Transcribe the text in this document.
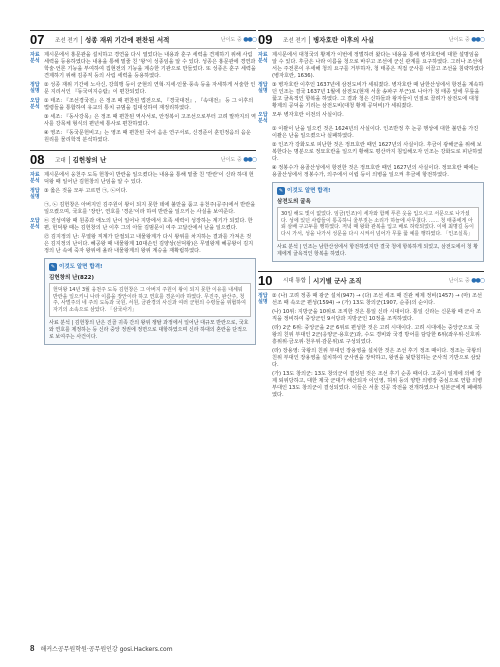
07	조선 전기	성종 재위 기간에 편찬된 서적	난이도 중 ●●○
자료 분석
제시문에서 홍문관을 설치하고 경연을 다시 열었다는 내용과 훈구 세력을 견제하기 위해 사림 세력을 등용하였다는 내용을 통해 밑줄 친 '왕'이 성종임을 알 수 있다. 성종은 홍문관에 경연과 학술·언론 기능을 부여하여 집현전의 기능을 계승한 기관으로 만들었다. 또 성종은 훈구 세력을 견제하기 위해 김종직 등의 사림 세력을 등용하였다.
정답 설명
② 성종 재위 기간에 노사신, 강희맹 등이 군현의 연혁·지세·인물·풍속 등을 자세하게 서술한 인문 지리서인 『동국여지승람』이 편찬되었다.
오답 분석
① 태조: 『조선경국전』은 정조 때 편찬된 법전으로, 『경국대전』, 『속대전』 등 그 이후의 법령들을 통합하여 유교의 통치 규범을 집대성하여 재정리하였다.
③ 세조: 『동사강목』은 정조 때 편찬된 역사서로, 안정복이 고조선으로부터 고려 말까지의 역사를 강목체 형식의 편년체 통사로 편찬하였다.
④ 영조: 『동국문헌비고』는 영조 때 편찬된 국어 음운 연구서로, 신경준이 훈민정음의 음운 원리를 물리학적 분석하였다.
08	고대	김헌창의 난	난이도 중 ●●○
자료 분석
제시문에서 웅천주 도독 헌창이 반란을 일으켰다는 내용을 통해 밑줄 친 '반란'이 신라 하대 헌덕왕 때 일어난 김헌창의 난임을 알 수 있다.
정답 설명
③ 옳은 것을 모두 고르면 ㉠, ㉡이다.
㉠, ㉡ 김헌창은 아버지인 김주원이 왕이 되지 못한 데에 불만을 품고 웅천주(공주)에서 반란을 일으켰으며, 국호를 '장안', 연호를 '경운'이라 하여 반란을 일으키는 사실을 보여준다.
오답 분석
㉢ 진성여왕 때 원종과 애노의 난이 일어나 지방에서 호족 세력이 성장하는 계기가 되었다. 한편, 헌덕왕 때는 김헌창의 난 이후 그의 아들 김범문이 여주 고달산에서 난을 일으켰다.
㉣ 김지정의 난: 무열왕 직계가 단절되고 내물왕계가 다시 왕위를 차지하는 결과를 가져온 것은 김지정의 난이다. 혜공왕 때 내물왕계 10대손인 김양상(선덕왕)은 무열왕계 혜공왕이 김지정의 난 속에 죽자 왕위에 올라 내물왕계의 왕위 계승을 재확립하였다.
✎ 이것도 알면 합격!
김헌창의 난(822)
헌덕왕 14년 3월 웅천주 도독 김헌창은 그 아버지 주원이 왕이 되지 못한 이유를 내세워 반란을 일으키니 나라 이름을 장안이라 하고 연호를 경운이라 하였다. 무진주, 완산주, 청주, 사벌주의 네 주의 도독과 국원, 서원, 금관경의 사신과 여러 군현의 수령들을 위협하여 자기의 소속으로 삼았다. 「삼국사기」
사료 분석 | 김헌창의 난은 진골 귀족 간의 왕위 쟁탈 과정에서 일어난 대규모 반란으로, 국호와 연호를 제정하는 등 신라 중앙 정권에 정면으로 대항하였으며 신라 하대의 혼란을 단적으로 보여주는 사건이다.
09	조선 전기	병자호란 이후의 사실	난이도 중 ●●○
자료 분석
제시문에서 대청국의 황제가 이번에 정벌하러 왔다는 내용을 통해 병자호란에 대한 설명임을 알 수 있다. 후금은 나라 이름을 청으로 바꾸고 조선에 군신 관계를 요구하였다. 그러나 조선에서는 주전론이 우세해 청의 요구를 거부하자, 청 태종은 직접 군사를 이끌고 조선을 침략하였다(병자호란, 1636).
정답 설명
③ 병자호란 이후인 1637년에 삼전도비가 세워졌다. 병자호란 때 남한산성에서 항전을 계속하던 인조는 결국 1637년 1월에 삼전도(현재 서울 송파구 부근)로 나아가 청 태종 앞에 무릎을 꿇고 굴욕적인 항복을 하였다. 그 결과 청은 신하들과 왕자들이 인질로 끌려가 삼전도에 대청 황제의 공덕을 기리는 삼전도비(대청 황제 공덕비)가 세워졌다.
오답 분석
모두 병자호란 이전의 사실이다.
① 이괄이 난을 일으킨 것은 1624년의 사실이다. 인조반정 후 논공 행상에 대한 불만을 가진 이괄은 난을 일으켰으나 실패하였다.
② 인조가 강화도로 피난한 것은 정묘호란 때인 1627년의 사실이다. 후금이 광해군을 위해 보복한다는 명분으로 정묘호란을 일으키 황해도 평산까지 침입해오자 인조는 강화도로 피난하였다.
④ 정봉수가 용골산성에서 항전한 것은 정묘호란 때인 1627년의 사실이다. 정묘호란 때에는 용골산성에서 정봉수가, 의주에서 이립 등이 의병을 일으켜 후금에 항전하였다.
✎ 이것도 알면 합격!
삼전도의 굴욕
30일 해도 빛이 없었다. 임금(인조)이 세자와 함께 푸른 옷을 입으시고 서문으로 나가셨다. 성에 있던 사람들이 통곡하니 울부짖는 소리가 하늘에 사무쳤다. …… 청 태종에게 아뢰 삼배 구고두를 행하였다. 저녁 때 왕화 관복을 입고 배로 허락되었다. 이에 최명길 등이 다시 가서, 성을 나가서 성문을 다시 시켜서 넘어가 무릎 꿇 예를 행하였다. 「인조실록」
사료 분석 | 인조는 남한산성에서 항전하였지만 결국 청에 항복하게 되었고, 삼전도에서 청 황제에게 굴욕적인 항복을 하였다.
10	시대 통합	시기별 군사 조직	난이도 중 ●●○
정답 설명
② (나) 고려 정종 때 광군 설치(947) → (다) 조선 세조 때 진관 체제 정비(1457) → (마) 조선 선조 때 속오군 편성(1594) → (가) 13도 창의군(1907, 순종)의 순이다.
(나) 10위: 지방군을 10위로 조직한 것은 통일 신라 시대이다. 통일 신라는 신문왕 때 군사 조직을 정비하여 중앙군인 9서당과 지방군인 10정을 조직하였다.
(라) 2군 6위: 중앙군을 2군 6위로 편성한 것은 고려 시대이다. 고려 시대에는 중앙군으로 국왕의 친위 부대인 2군(응양군·용호군)과, 수도 경비와 국경 방어를 담당한 6위(좌우위·신호위·흥위위·금오위·천우위·감문위)로 구성되었다.
(라) 장용영: 국왕의 친위 부대인 장용영을 설치한 것은 조선 후기 정조 때이다. 정조는 국왕의 친위 부대인 장용영을 설치하여 군사권을 장악하고, 왕권을 뒷받침하는 군사적 기반으로 삼았다.
(가) 13도 창의군: 13도 창의군이 결성된 것은 조선 후기 순종 때이다. 고종이 일제에 의해 강제 퇴위당하고, 대한 제국 군대가 해산되자 이인영, 허위 등의 양반 의병장 중심으로 연합 의병 부대인 13도 창의군이 결성되었다. 이들은 서울 진공 작전을 전개하였으나 일본군에게 패배하였다.
8 해커스공무원학원·공무원인강 gosi.Hackers.com
